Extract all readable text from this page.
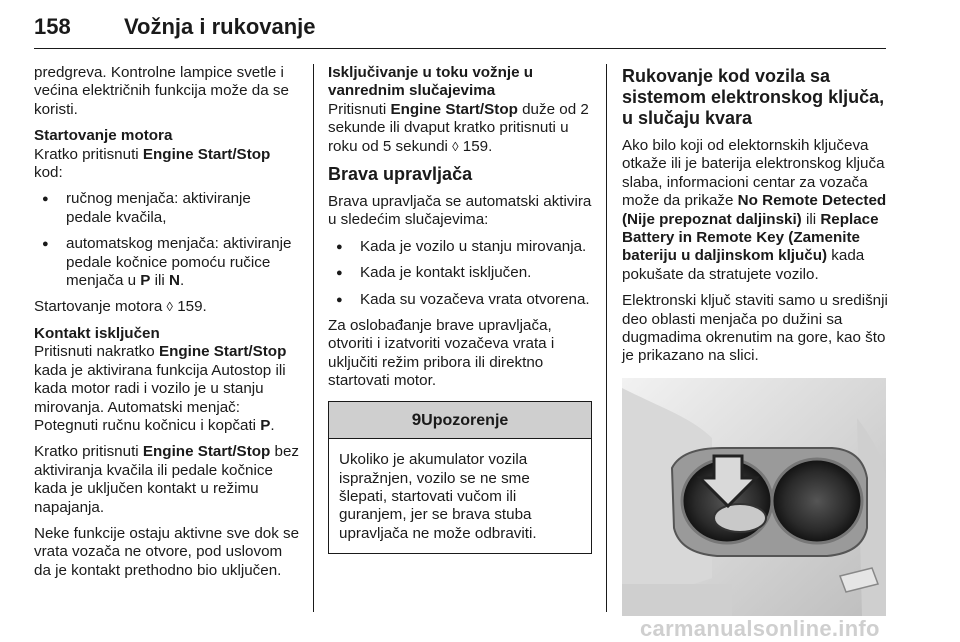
158 Vožnja i rukovanje

predgreva. Kontrolne lampice svetle i većina električnih funkcija može da se koristi.

Startovanje motora

Kratko pritisnuti Engine Start/Stop kod:

● ručnog menjača: aktiviranje pedale kvačila,
● automatskog menjača: aktiviranje pedale kočnice pomoću ručice menjača u P ili N.

Startovanje motora ◊ 159.

Kontakt isključen

Pritisnuti nakratko Engine Start/Stop kada je aktivirana funkcija Autostop ili kada motor radi i vozilo je u stanju mirovanja. Automatski menjač: Potegnuti ručnu kočnicu i kopčati P.

Kratko pritisnuti Engine Start/Stop bez aktiviranja kvačila ili pedale kočnice kada je uključen kontakt u režimu napajanja.

Neke funkcije ostaju aktivne sve dok se vrata vozača ne otvore, pod uslovom da je kontakt prethodno bio uključen.

Isključivanje u toku vožnje u vanrednim slučajevima

Pritisnuti Engine Start/Stop duže od 2 sekunde ili dvaput kratko pritisnuti u roku od 5 sekundi ◊ 159.

Brava upravljača

Brava upravljača se automatski aktivira u sledećim slučajevima:

● Kada je vozilo u stanju mirovanja.
● Kada je kontakt isključen.
● Kada su vozačeva vrata otvorena.

Za oslobađanje brave upravljača, otvoriti i izatvoriti vozačeva vrata i uključiti režim pribora ili direktno startovati motor.

9Upozorenje
Ukoliko je akumulator vozila ispražnjen, vozilo se ne sme šlepati, startovati vučom ili guranjem, jer se brava stuba upravljača ne može odbraviti.
Rukovanje kod vozila sa sistemom elektronskog ključa, u slučaju kvara

Ako bilo koji od elektornskih ključeva otkaže ili je baterija elektronskog ključa slaba, informacioni centar za vozača može da prikaže No Remote Detected (Nije prepoznat daljinski) ili Replace Battery in Remote Key (Zamenite bateriju u daljinskom ključu) kada pokušate da stratujete vozilo.

Elektronski ključ staviti samo u središnji deo oblasti menjača po dužini sa dugmadima okrenutim na gore, kao što je prikazano na slici.

carmanualsonline.info
